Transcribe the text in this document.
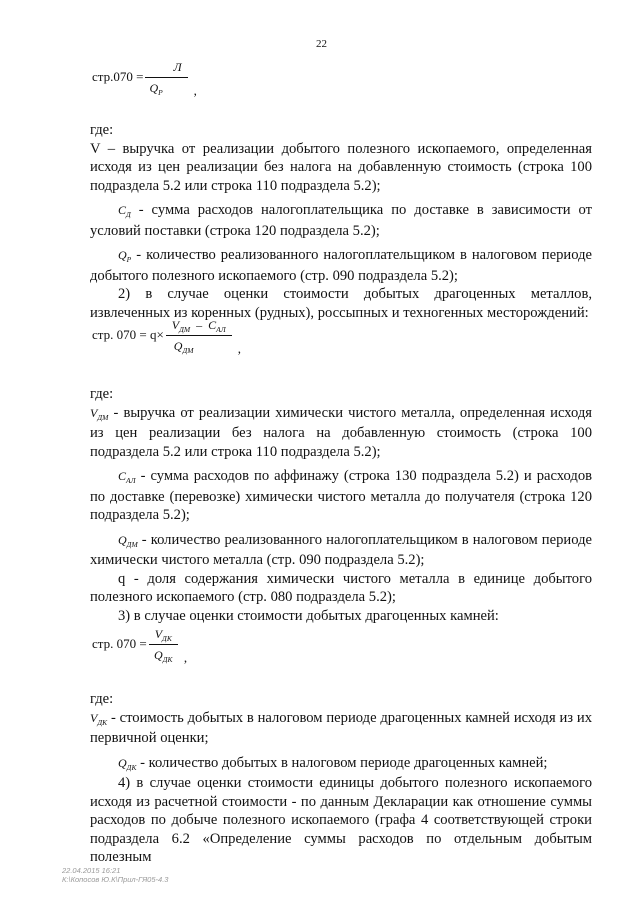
22
$стр.070 = \frac{Л}{Q_Р}$ ,

где:

V – выручка от реализации добытого полезного ископаемого, определенная исходя из цен реализации без налога на добавленную стоимость (строка 100 подраздела 5.2 или строка 110 подраздела 5.2);

$C_Д$ - сумма расходов налогоплательщика по доставке в зависимости от условий поставки (строка 120 подраздела 5.2);

$Q_Р$ - количество реализованного налогоплательщиком в налоговом периоде добытого полезного ископаемого (стр. 090 подраздела 5.2);

2) в случае оценки стоимости добытых драгоценных металлов, извлеченных из коренных (рудных), россыпных и техногенных месторождений:

стр. $070 = q\times \frac{V_{ДМ} - C_{АЛ}}{Q_{ДМ}}$ ,

где:

$V_{ДМ}$ - выручка от реализации химически чистого металла, определенная исходя из цен реализации без налога на добавленную стоимость (строка 100 подраздела 5.2 или строка 110 подраздела 5.2);

$C_{АЛ}$ - сумма расходов по аффинажу (строка 130 подраздела 5.2) и расходов по доставке (перевозке) химически чистого металла до получателя (строка 120 подраздела 5.2);

$Q_{ДМ}$ - количество реализованного налогоплательщиком в налоговом периоде химически чистого металла (стр. 090 подраздела 5.2);

q - доля содержания химически чистого металла в единице добытого полезного ископаемого (стр. 080 подраздела 5.2);

3) в случае оценки стоимости добытых драгоценных камней:

стр. $070 = \frac{V_{ДК}}{Q_{ДК}}$ ,

где:

$V_{ДК}$ - стоимость добытых в налоговом периоде драгоценных камней исходя из их первичной оценки;

$Q_{ДК}$ - количество добытых в налоговом периоде драгоценных камней;

4) в случае оценки стоимости единицы добытого полезного ископаемого исходя из расчетной стоимости - по данным Декларации как отношение суммы расходов по добыче полезного ископаемого (графа 4 соответствующей строки подраздела 6.2 «Определение суммы расходов по отдельным добытым полезным

22.04.2015 16:21
К:\Копосов Ю.К\Прил-ГЯ05-4.3
